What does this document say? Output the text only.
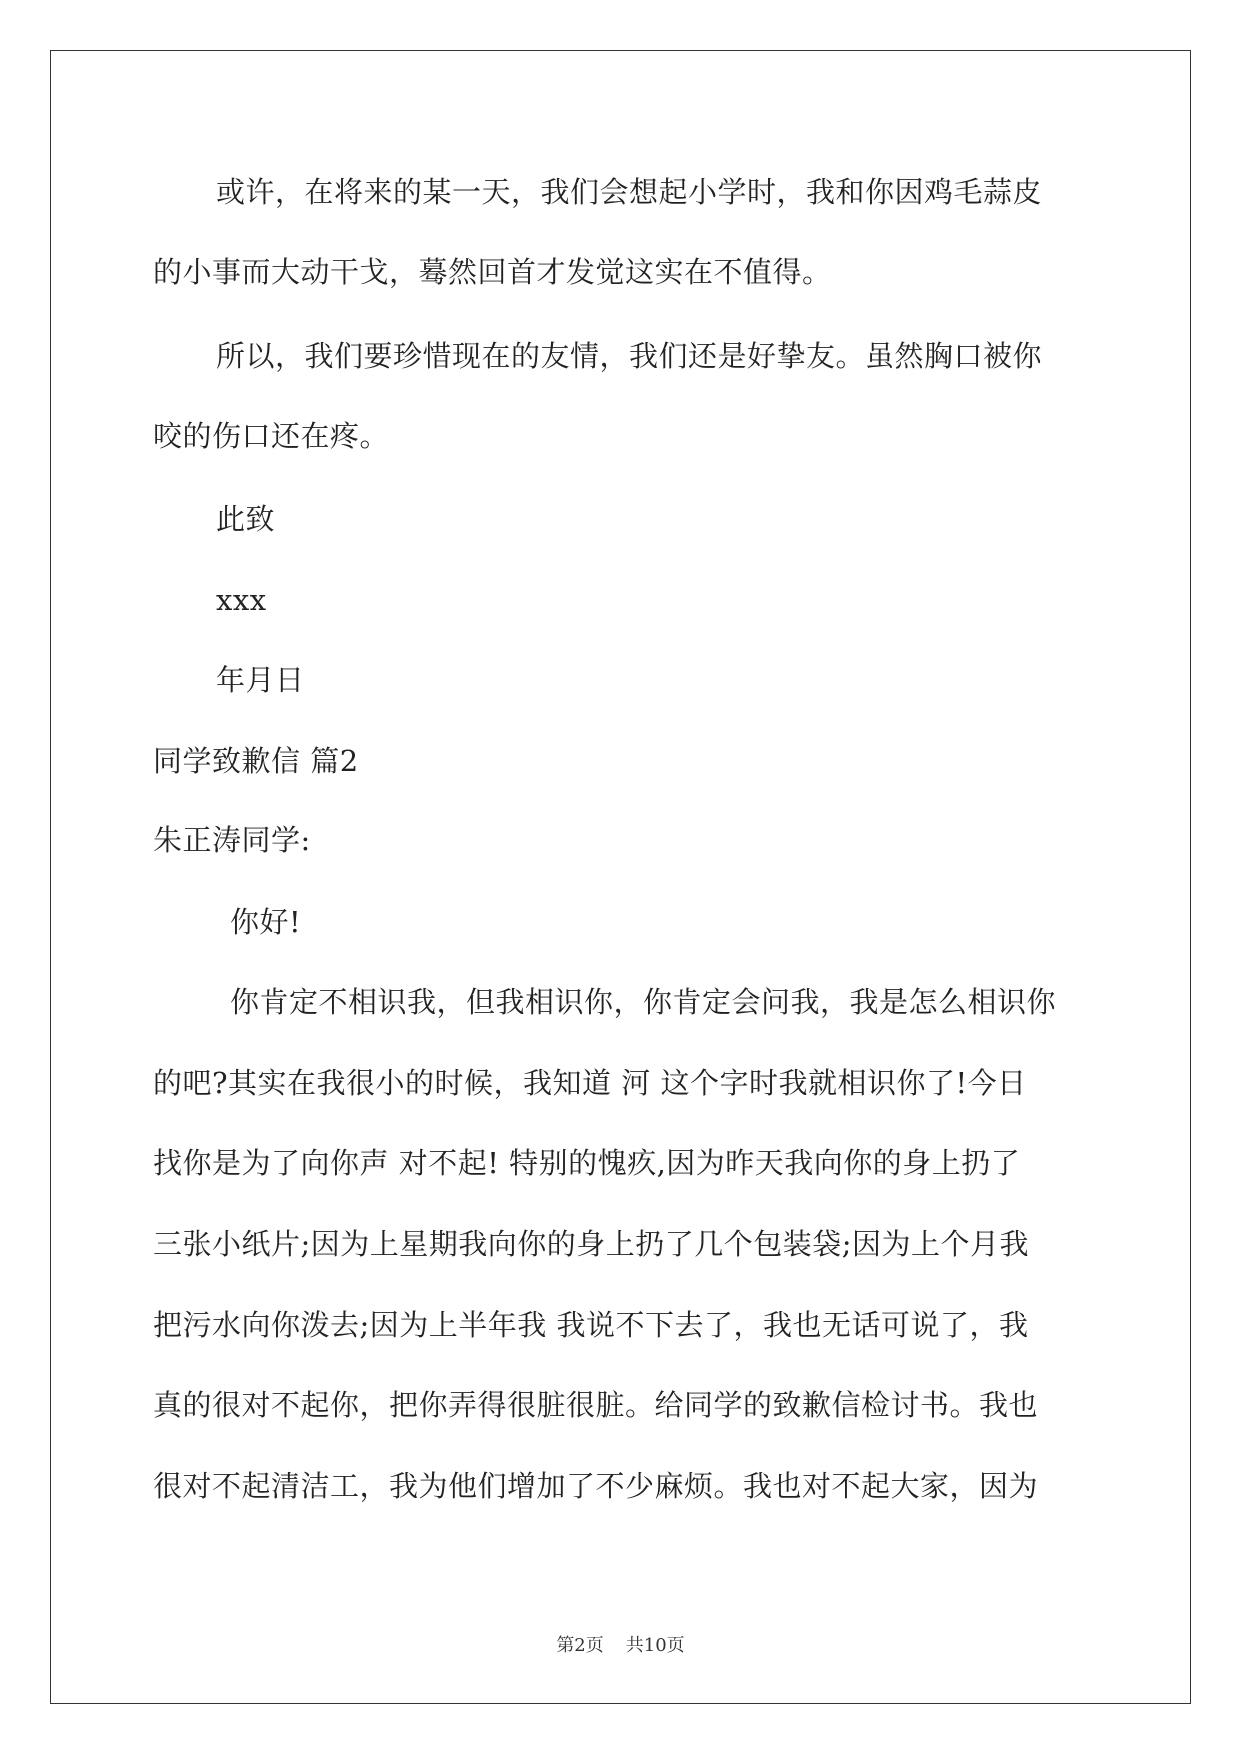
或许，在将来的某一天，我们会想起小学时，我和你因鸡毛蒜皮
的小事而大动干戈，蓦然回首才发觉这实在不值得。
所以，我们要珍惜现在的友情，我们还是好挚友。虽然胸口被你
咬的伤口还在疼。
此致
xxx
年月日
同学致歉信 篇2
朱正涛同学:
你好!
你肯定不相识我，但我相识你，你肯定会问我，我是怎么相识你
的吧?其实在我很小的时候，我知道 河 这个字时我就相识你了!今日
找你是为了向你声 对不起! 特别的愧疚,因为昨天我向你的身上扔了
三张小纸片;因为上星期我向你的身上扔了几个包装袋;因为上个月我
把污水向你泼去;因为上半年我 我说不下去了，我也无话可说了，我
真的很对不起你，把你弄得很脏很脏。给同学的致歉信检讨书。我也
很对不起清洁工，我为他们增加了不少麻烦。我也对不起大家，因为
第2页 共10页
